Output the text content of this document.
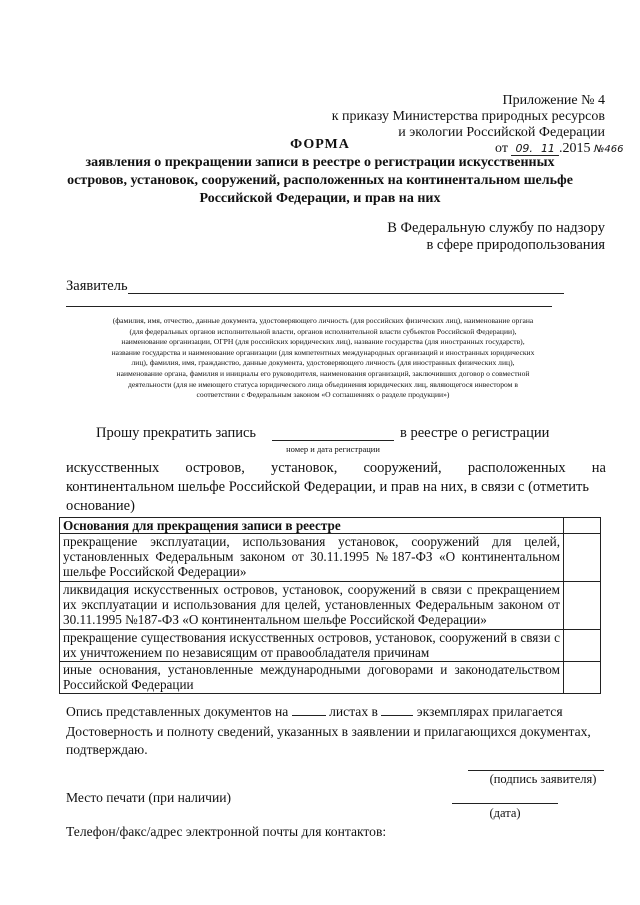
Приложение № 4
к приказу Министерства природных ресурсов
и экологии Российской Федерации
от 09. 11 .2015 №466
ФОРМА
заявления о прекращении записи в реестре о регистрации искусственных
островов, установок, сооружений, расположенных на континентальном шельфе
Российской Федерации, и прав на них
В Федеральную службу по надзору
в сфере природопользования
Заявитель
(фамилия, имя, отчество, данные документа, удостоверяющего личность (для российских физических лиц), наименование органа
(для федеральных органов исполнительной власти, органов исполнительной власти субъектов Российской Федерации),
наименование организации, ОГРН (для российских юридических лиц), название государства (для иностранных государств),
название государства и наименование организации (для компетентных международных организаций и иностранных юридических
лиц), фамилия, имя, гражданство, данные документа, удостоверяющего личность (для иностранных физических лиц),
наименование органа, фамилия и инициалы его руководителя, наименования организаций, заключивших договор о совместной
деятельности (для не имеющего статуса юридического лица объединения юридических лиц, являющегося инвестором в
соответствии с Федеральным законом «О соглашениях о разделе продукции»)
Прошу прекратить запись	в реестре о регистрации
номер и дата регистрации
искусственных островов, установок, сооружений, расположенных на
континентальном шельфе Российской Федерации, и прав на них, в связи с (отметить
основание)
Основания для прекращения записи в реестре	
прекращение эксплуатации, использования установок, сооружений для целей, установленных Федеральным законом от 30.11.1995 №187-ФЗ «О континентальном шельфе Российской Федерации»	
ликвидация искусственных островов, установок, сооружений в связи с прекращением их эксплуатации и использования для целей, установленных Федеральным законом от 30.11.1995 №187-ФЗ «О континентальном шельфе Российской Федерации»	
прекращение существования искусственных островов, установок, сооружений в связи с их уничтожением по независящим от правообладателя причинам	
иные основания, установленные международными договорами и законодательством Российской Федерации	
Опись представленных документов на	листах в	экземплярах прилагается
Достоверность и полноту сведений, указанных в заявлении и прилагающихся документах,
подтверждаю.
(подпись заявителя)
Место печати (при наличии)
(дата)
Телефон/факс/адрес электронной почты для контактов:
